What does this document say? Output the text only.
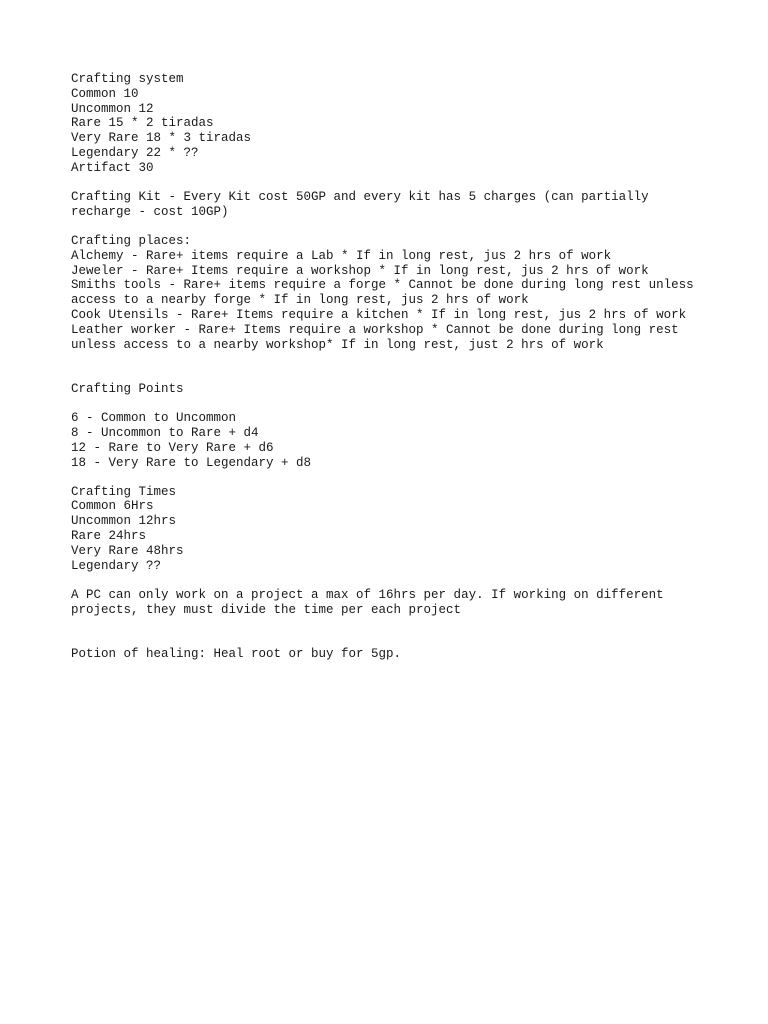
Crafting system
Common 10
Uncommon 12
Rare 15 * 2 tiradas
Very Rare 18 * 3 tiradas
Legendary 22 * ??
Artifact 30
Crafting Kit - Every Kit cost 50GP and every kit has 5 charges (can partially
recharge - cost 10GP)
Crafting places:
Alchemy - Rare+ items require a Lab * If in long rest, jus 2 hrs of work
Jeweler - Rare+ Items require a workshop * If in long rest, jus 2 hrs of work
Smiths tools - Rare+ items require a forge * Cannot be done during long rest unless
access to a nearby forge * If in long rest, jus 2 hrs of work
Cook Utensils - Rare+ Items require a kitchen * If in long rest, jus 2 hrs of work
Leather worker - Rare+ Items require a workshop * Cannot be done during long rest
unless access to a nearby workshop* If in long rest, just 2 hrs of work
Crafting Points
6 - Common to Uncommon
8 - Uncommon to Rare + d4
12 - Rare to Very Rare + d6
18 - Very Rare to Legendary + d8
Crafting Times
Common 6Hrs
Uncommon 12hrs
Rare 24hrs
Very Rare 48hrs
Legendary ??
A PC can only work on a project a max of 16hrs per day. If working on different
projects, they must divide the time per each project
Potion of healing: Heal root or buy for 5gp.
